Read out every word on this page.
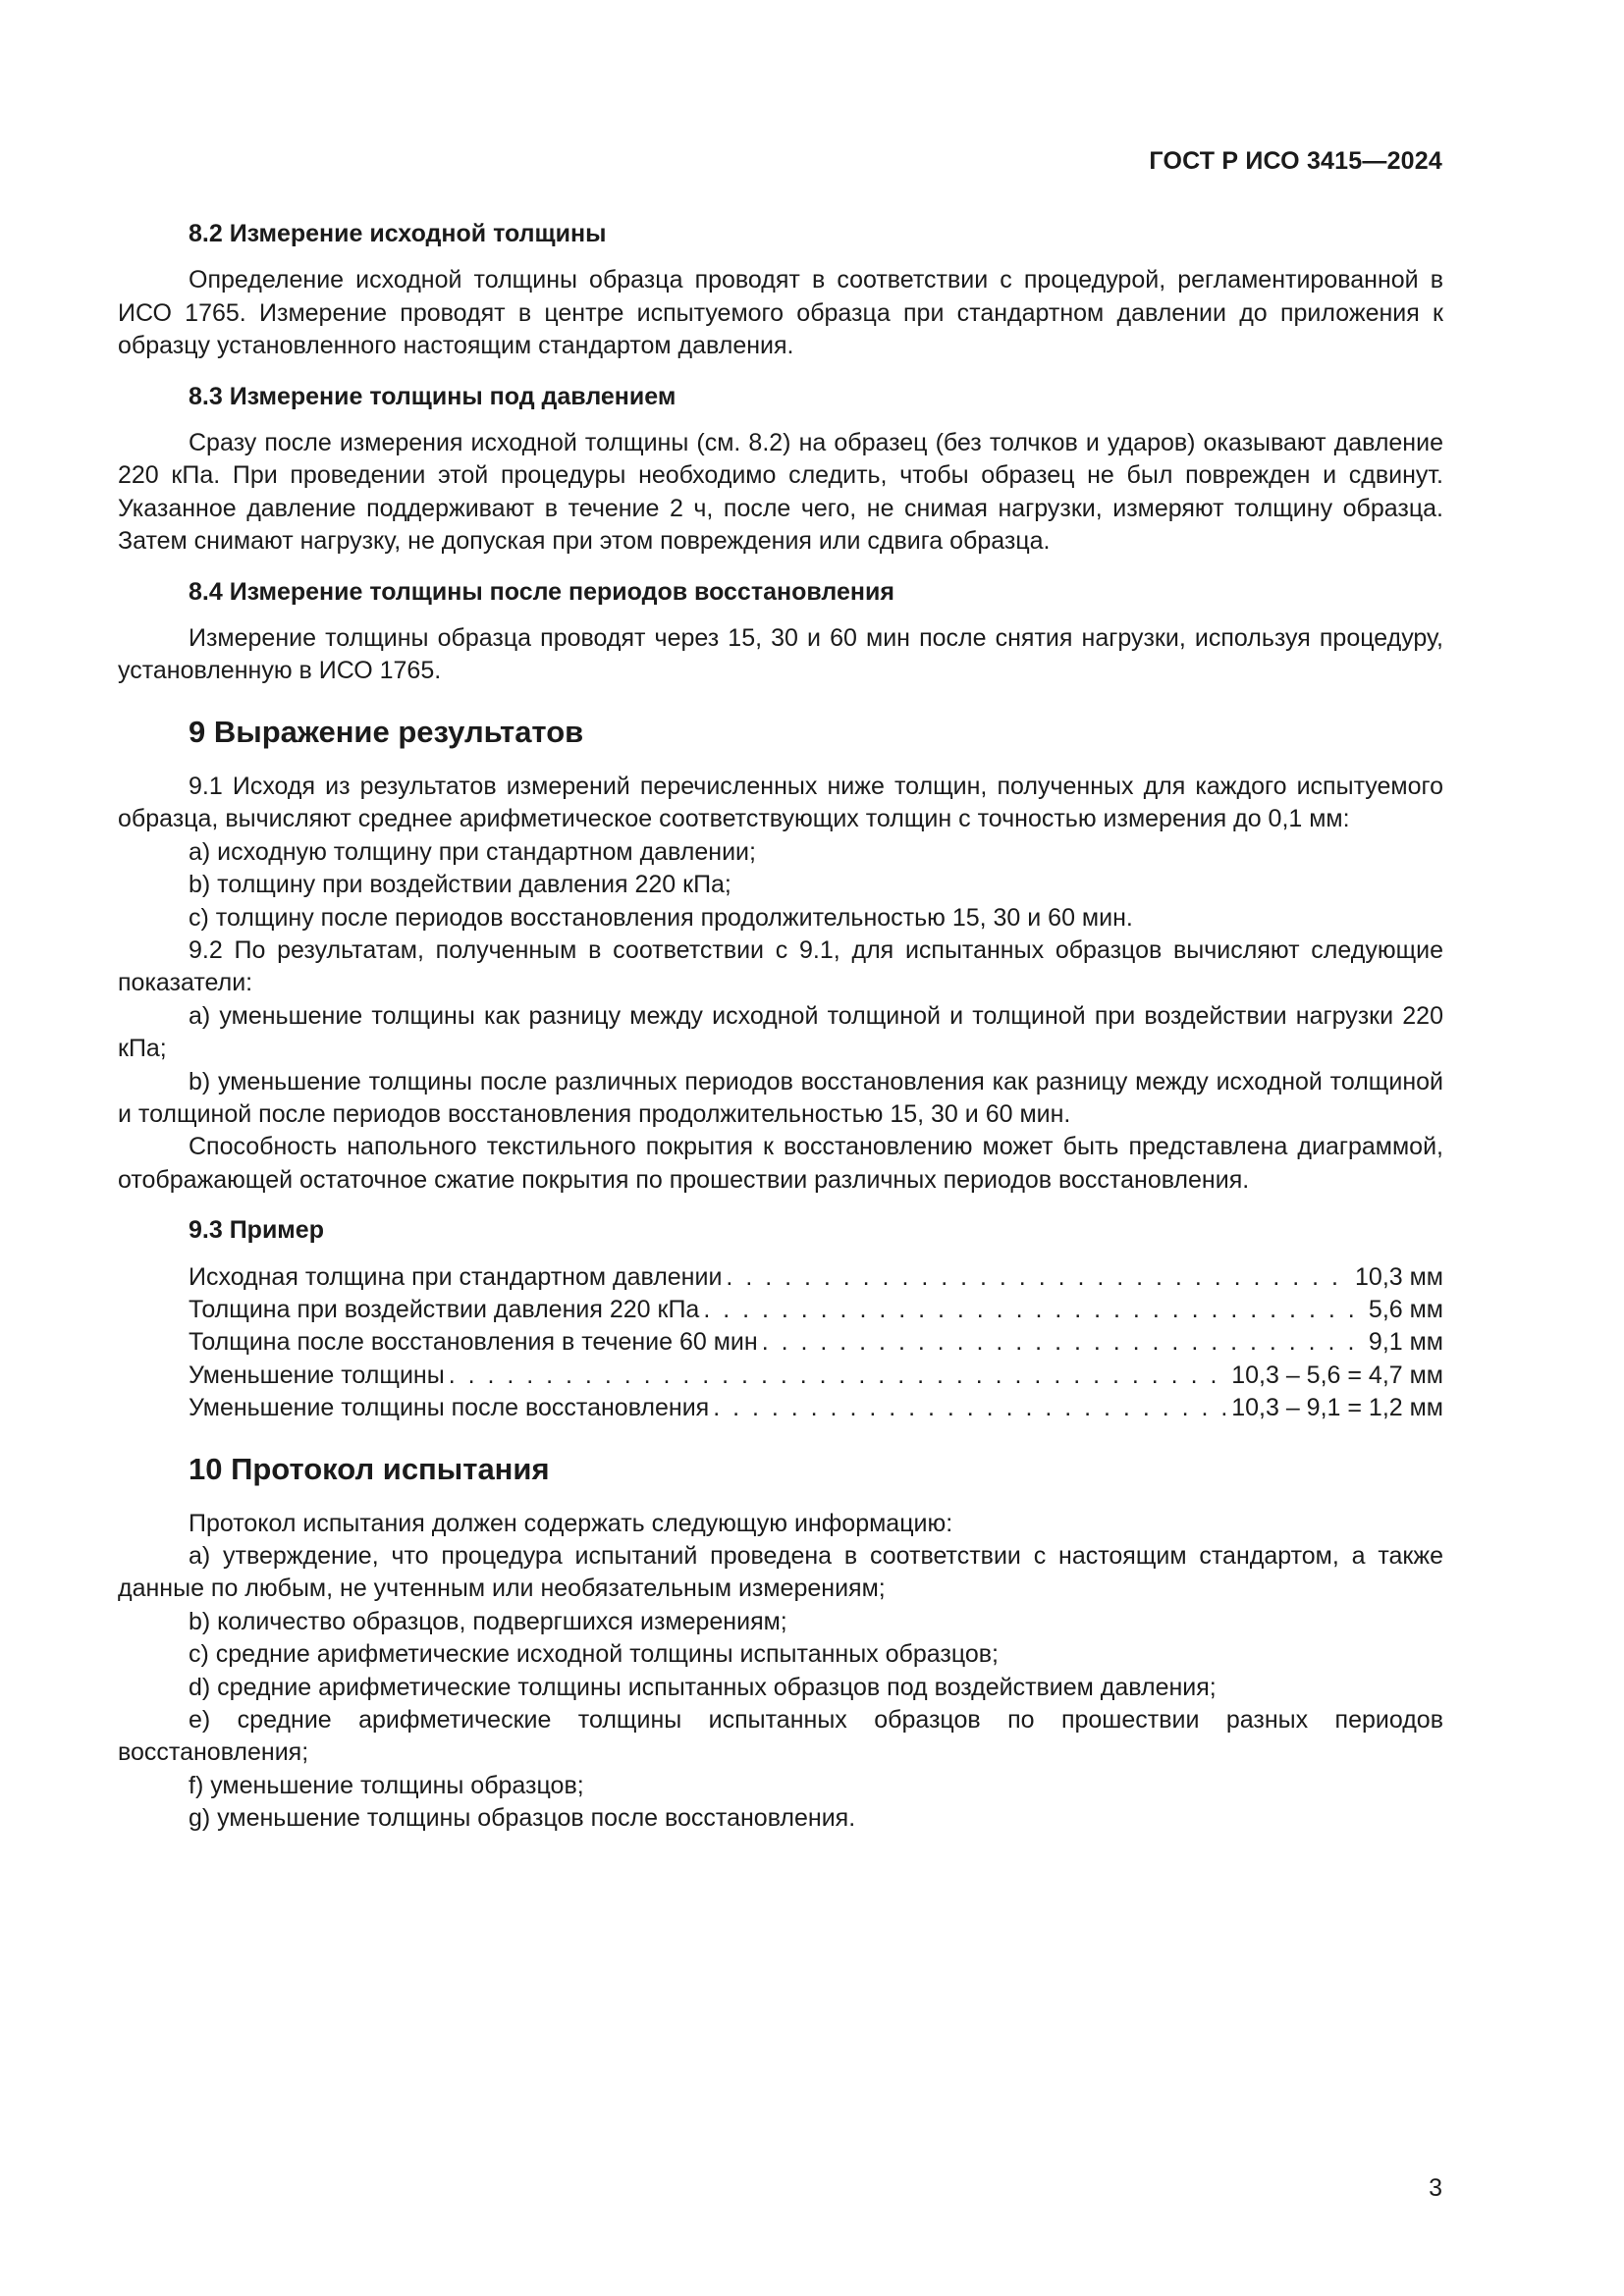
ГОСТ Р ИСО 3415—2024
8.2 Измерение исходной толщины

Определение исходной толщины образца проводят в соответствии с процедурой, регламентированной в ИСО 1765. Измерение проводят в центре испытуемого образца при стандартном давлении до приложения к образцу установленного настоящим стандартом давления.

8.3 Измерение толщины под давлением

Сразу после измерения исходной толщины (см. 8.2) на образец (без толчков и ударов) оказывают давление 220 кПа. При проведении этой процедуры необходимо следить, чтобы образец не был поврежден и сдвинут. Указанное давление поддерживают в течение 2 ч, после чего, не снимая нагрузки, измеряют толщину образца. Затем снимают нагрузку, не допуская при этом повреждения или сдвига образца.

8.4 Измерение толщины после периодов восстановления

Измерение толщины образца проводят через 15, 30 и 60 мин после снятия нагрузки, используя процедуру, установленную в ИСО 1765.

9 Выражение результатов

9.1 Исходя из результатов измерений перечисленных ниже толщин, полученных для каждого испытуемого образца, вычисляют среднее арифметическое соответствующих толщин с точностью измерения до 0,1 мм:

a) исходную толщину при стандартном давлении;

b) толщину при воздействии давления 220 кПа;

c) толщину после периодов восстановления продолжительностью 15, 30 и 60 мин.

9.2 По результатам, полученным в соответствии с 9.1, для испытанных образцов вычисляют следующие показатели:

a) уменьшение толщины как разницу между исходной толщиной и толщиной при воздействии нагрузки 220 кПа;

b) уменьшение толщины после различных периодов восстановления как разницу между исходной толщиной и толщиной после периодов восстановления продолжительностью 15, 30 и 60 мин.

Способность напольного текстильного покрытия к восстановлению может быть представлена диаграммой, отображающей остаточное сжатие покрытия по прошествии различных периодов восстановления.

9.3 Пример
Исходная толщина при стандартном давлении . . .	10,3 мм
Толщина при воздействии давления 220 кПа . . .	5,6 мм
Толщина после восстановления в течение 60 мин . . .	9,1 мм
Уменьшение толщины . . .	10,3 – 5,6 = 4,7 мм
Уменьшение толщины после восстановления . . .	10,3 – 9,1 = 1,2 мм
10 Протокол испытания

Протокол испытания должен содержать следующую информацию:

a) утверждение, что процедура испытаний проведена в соответствии с настоящим стандартом, а также данные по любым, не учтенным или необязательным измерениям;

b) количество образцов, подвергшихся измерениям;

c) средние арифметические исходной толщины испытанных образцов;

d) средние арифметические толщины испытанных образцов под воздействием давления;

e) средние арифметические толщины испытанных образцов по прошествии разных периодов восстановления;

f) уменьшение толщины образцов;

g) уменьшение толщины образцов после восстановления.

3
